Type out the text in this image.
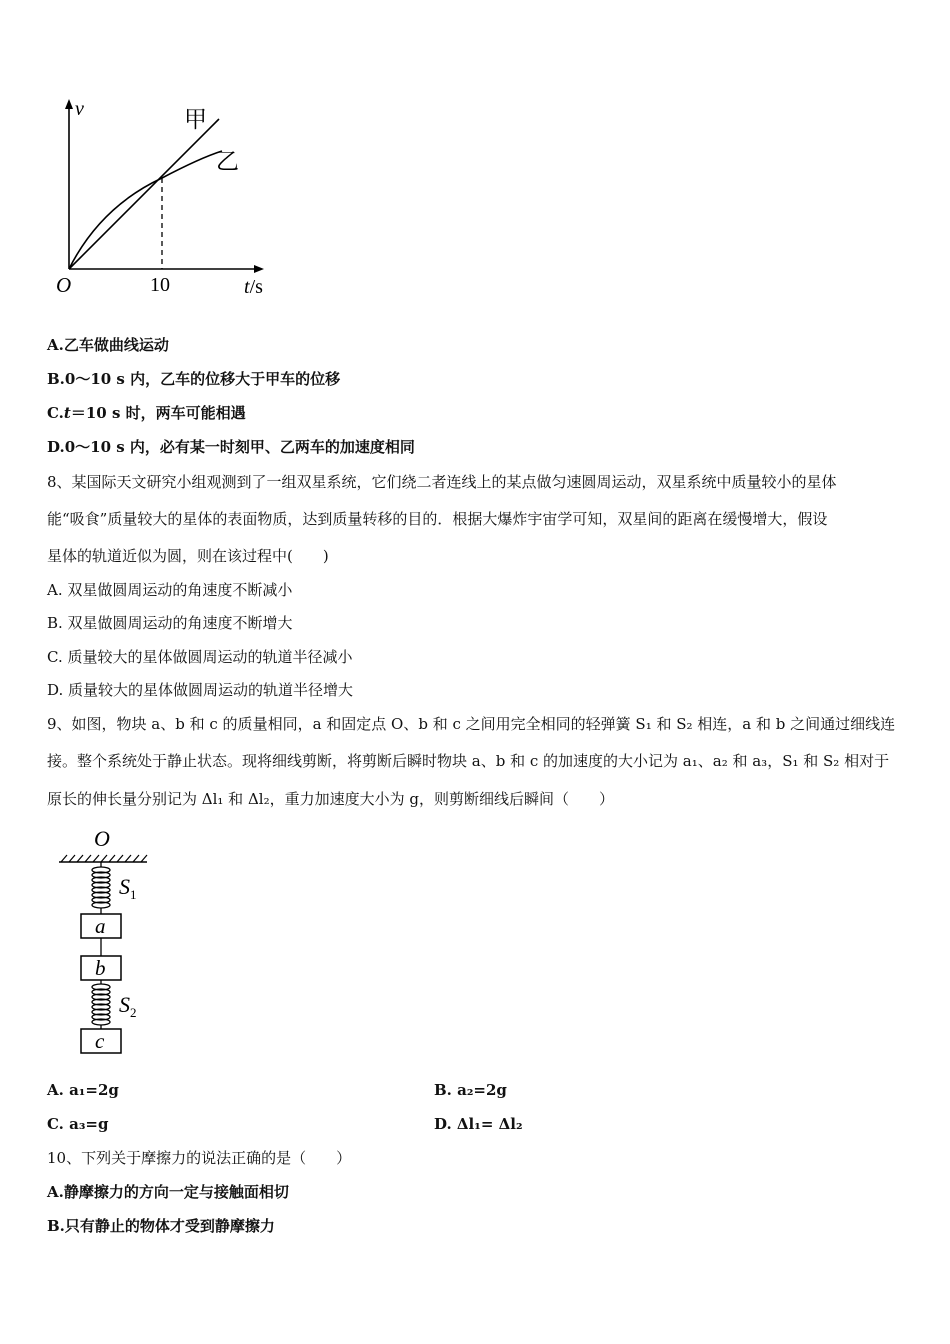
v
O	10	t/s
甲
乙
A.乙车做曲线运动
B.0～10 s 内，乙车的位移大于甲车的位移
C.t＝10 s 时，两车可能相遇
D.0～10 s 内，必有某一时刻甲、乙两车的加速度相同
8、某国际天文研究小组观测到了一组双星系统，它们绕二者连线上的某点做匀速圆周运动，双星系统中质量较小的星体
能“吸食”质量较大的星体的表面物质，达到质量转移的目的．根据大爆炸宇宙学可知，双星间的距离在缓慢增大，假设
星体的轨道近似为圆，则在该过程中(　　)
A. 双星做圆周运动的角速度不断减小
B. 双星做圆周运动的角速度不断增大
C. 质量较大的星体做圆周运动的轨道半径减小
D. 质量较大的星体做圆周运动的轨道半径增大
9、如图，物块 a、b 和 c 的质量相同，a 和固定点 O、b 和 c 之间用完全相同的轻弹簧 S₁ 和 S₂ 相连，a 和 b 之间通过细线连
接。整个系统处于静止状态。现将细线剪断，将剪断后瞬时物块 a、b 和 c 的加速度的大小记为 a₁、a₂ 和 a₃，S₁ 和 S₂ 相对于
原长的伸长量分别记为 Δl₁ 和 Δl₂，重力加速度大小为 g，则剪断细线后瞬间（　　）
O
$S_1$
a
b
$S_2$
c
A. a₁=2g	B. a₂=2g
C. a₃=g	D. Δl₁= Δl₂
10、下列关于摩擦力的说法正确的是（　　）
A.静摩擦力的方向一定与接触面相切
B.只有静止的物体才受到静摩擦力
